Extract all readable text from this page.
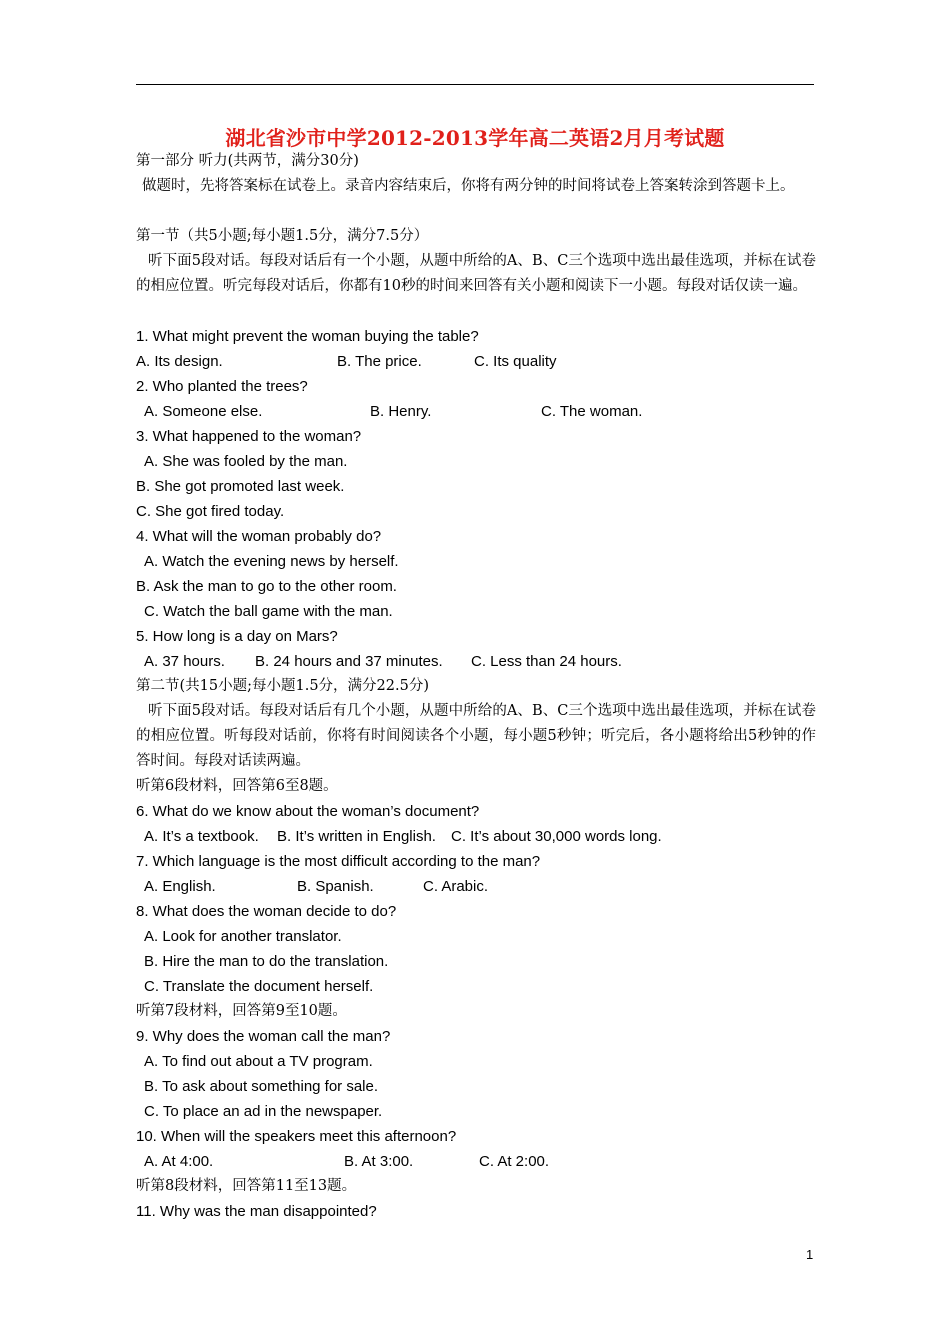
湖北省沙市中学2012-2013学年高二英语2月月考试题
第一部分 听力(共两节，满分30分)
做题时，先将答案标在试卷上。录音内容结束后，你将有两分钟的时间将试卷上答案转涂到答题卡上。
第一节（共5小题;每小题1.5分，满分7.5分）
听下面5段对话。每段对话后有一个小题，从题中所给的A、B、C三个选项中选出最佳选项，并标在试卷的相应位置。听完每段对话后，你都有10秒的时间来回答有关小题和阅读下一小题。每段对话仅读一遍。
1. What might prevent the woman buying the table?
A. Its design.	B. The price.	C. Its quality
2. Who planted the trees?
A. Someone else.	B. Henry.	C. The woman.
3. What happened to the woman?
A. She was fooled by the man.
B. She got promoted last week.
C. She got fired today.
4. What will the woman probably do?
A. Watch the evening news by herself.
B. Ask the man to go to the other room.
C. Watch the ball game with the man.
5. How long is a day on Mars?
A. 37 hours. B. 24 hours and 37 minutes. C. Less than 24 hours.
第二节(共15小题;每小题1.5分，满分22.5分)
听下面5段对话。每段对话后有几个小题，从题中所给的A、B、C三个选项中选出最佳选项，并标在试卷的相应位置。听每段对话前，你将有时间阅读各个小题，每小题5秒钟；听完后，各小题将给出5秒钟的作答时间。每段对话读两遍。
听第6段材料，回答第6至8题。
6. What do we know about the woman’s document?
A. It’s a textbook. B. It’s written in English. C. It’s about 30,000 words long.
7. Which language is the most difficult according to the man?
A. English.	B. Spanish.	C. Arabic.
8. What does the woman decide to do?
A. Look for another translator.
B. Hire the man to do the translation.
C. Translate the document herself.
听第7段材料，回答第9至10题。
9. Why does the woman call the man?
A. To find out about a TV program.
B. To ask about something for sale.
C. To place an ad in the newspaper.
10. When will the speakers meet this afternoon?
A. At 4:00.	B. At 3:00.	C. At 2:00.
听第8段材料，回答第11至13题。
11. Why was the man disappointed?
1
